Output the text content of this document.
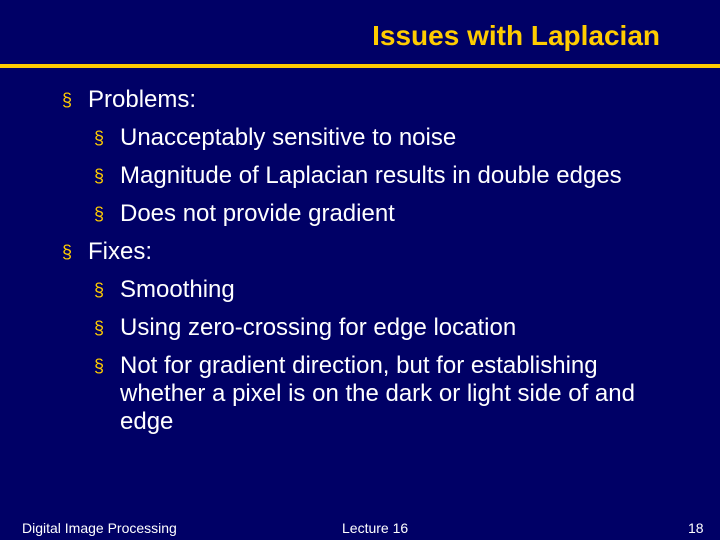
Issues with Laplacian
§ Problems:
§ Unacceptably sensitive to noise
§ Magnitude of Laplacian results in double edges
§ Does not provide gradient
§ Fixes:
§ Smoothing
§ Using zero-crossing for edge location
§ Not for gradient direction, but for establishing whether a pixel is on the dark or light side of and edge
Digital Image Processing	Lecture 16	18
